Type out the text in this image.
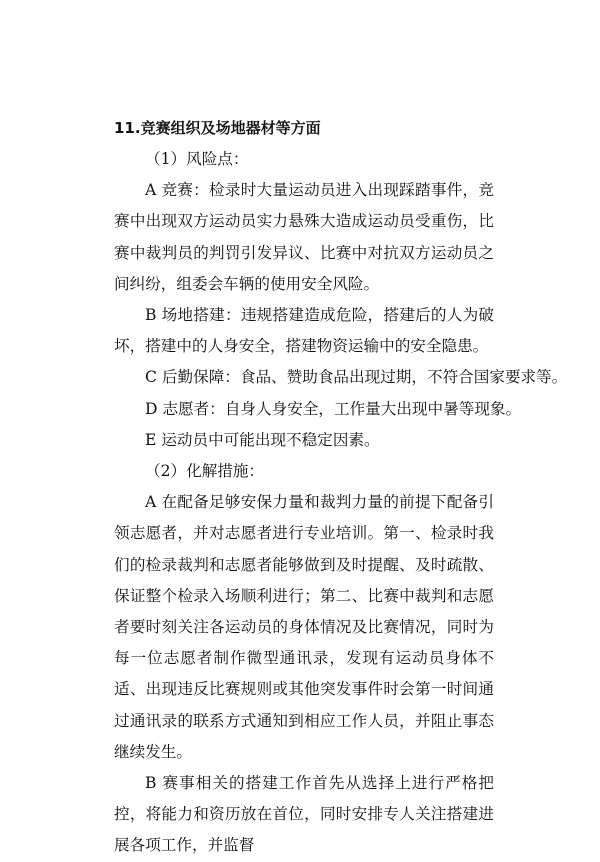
11.竞赛组织及场地器材等方面

（1）风险点：

A 竞赛：检录时大量运动员进入出现踩踏事件，竞赛中出现双方运动员实力悬殊大造成运动员受重伤，比赛中裁判员的判罚引发异议、比赛中对抗双方运动员之间纠纷，组委会车辆的使用安全风险。

B 场地搭建：违规搭建造成危险，搭建后的人为破坏，搭建中的人身安全，搭建物资运输中的安全隐患。

C 后勤保障：食品、赞助食品出现过期，不符合国家要求等。

D 志愿者：自身人身安全，工作量大出现中暑等现象。

E 运动员中可能出现不稳定因素。

（2）化解措施：

A 在配备足够安保力量和裁判力量的前提下配备引领志愿者，并对志愿者进行专业培训。第一、检录时我们的检录裁判和志愿者能够做到及时提醒、及时疏散、保证整个检录入场顺利进行；第二、比赛中裁判和志愿者要时刻关注各运动员的身体情况及比赛情况，同时为每一位志愿者制作微型通讯录，发现有运动员身体不适、出现违反比赛规则或其他突发事件时会第一时间通过通讯录的联系方式通知到相应工作人员，并阻止事态继续发生。

B 赛事相关的搭建工作首先从选择上进行严格把控，将能力和资历放在首位，同时安排专人关注搭建进展各项工作，并监督
